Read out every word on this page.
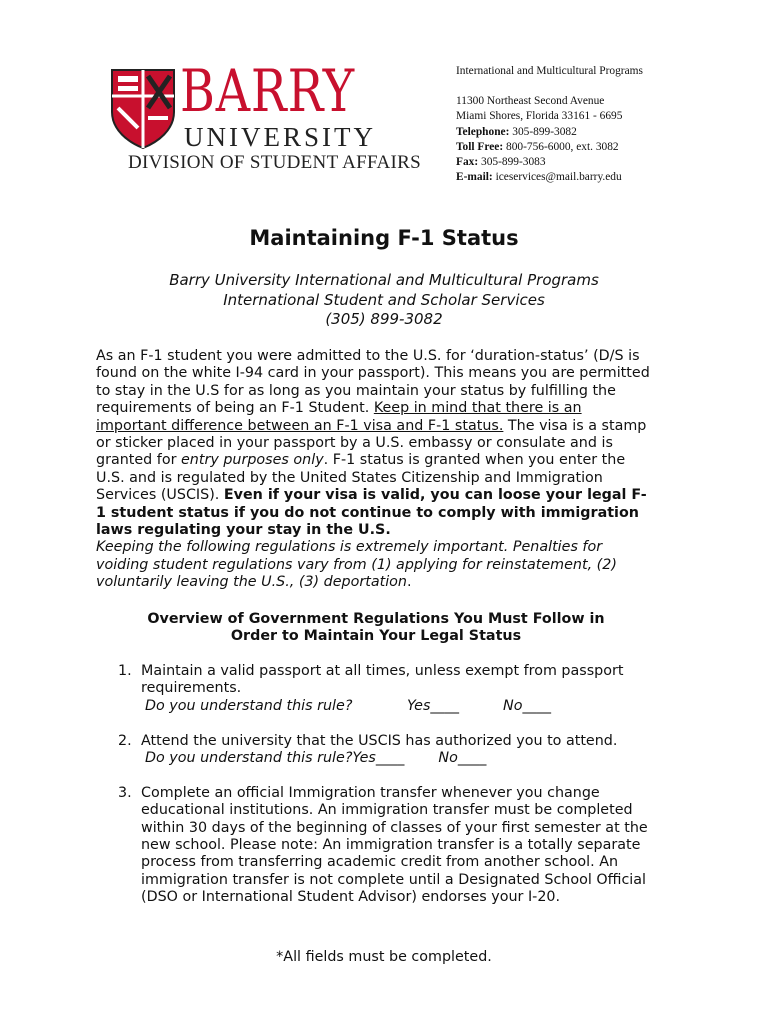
BARRY
UNIVERSITY
DIVISION OF STUDENT AFFAIRS
International and Multicultural Programs
11300 Northeast Second Avenue
Miami Shores, Florida 33161 - 6695
Telephone: 305-899-3082
Toll Free: 800-756-6000, ext. 3082
Fax: 305-899-3083
E-mail: iceservices@mail.barry.edu
Maintaining F-1 Status
Barry University International and Multicultural Programs
International Student and Scholar Services
(305) 899-3082
As an F-1 student you were admitted to the U.S. for ‘duration-status’ (D/S is found on the white I-94 card in your passport). This means you are permitted to stay in the U.S for as long as you maintain your status by fulfilling the requirements of being an F-1 Student. Keep in mind that there is an important difference between an F-1 visa and F-1 status. The visa is a stamp or sticker placed in your passport by a U.S. embassy or consulate and is granted for entry purposes only. F-1 status is granted when you enter the U.S. and is regulated by the United States Citizenship and Immigration Services (USCIS). Even if your visa is valid, you can loose your legal F-1 student status if you do not continue to comply with immigration laws regulating your stay in the U.S.
Keeping the following regulations is extremely important. Penalties for voiding student regulations vary from (1) applying for reinstatement, (2) voluntarily leaving the U.S., (3) deportation.
Overview of Government Regulations You Must Follow in
Order to Maintain Your Legal Status
1. Maintain a valid passport at all times, unless exempt from passport requirements.
Do you understand this rule?	Yes____	No____
2. Attend the university that the USCIS has authorized you to attend.
Do you understand this rule?Yes____ No____
3. Complete an official Immigration transfer whenever you change educational institutions. An immigration transfer must be completed within 30 days of the beginning of classes of your first semester at the new school. Please note: An immigration transfer is a totally separate process from transferring academic credit from another school. An immigration transfer is not complete until a Designated School Official (DSO or International Student Advisor) endorses your I-20.
*All fields must be completed.
